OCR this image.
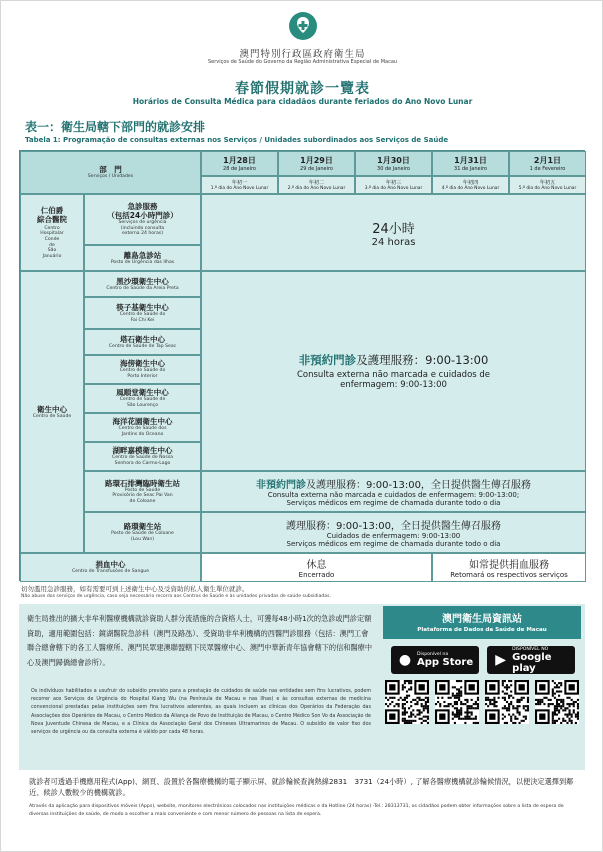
澳門特別行政區政府衛生局
Serviços de Saúde do Governo da Região Administrativa Especial de Macau
春節假期就診一覽表
Horários de Consulta Médica para cidadãos durante feriados do Ano Novo Lunar
表一：衛生局轄下部門的就診安排
Tabela 1: Programação de consultas externas nos Serviços / Unidades subordinados aos Serviços de Saúde
部　門
Serviços / Unidades
1月28日
28 de Janeiro
1月29日
29 de Janeiro
1月30日
30 de Janeiro
1月31日
31 de Janeiro
2月1日
1 de Fevereiro
年初一
1.º dia do Ano Novo Lunar
年初二
2.º dia do Ano Novo Lunar
年初三
3.º dia do Ano Novo Lunar
年初四
4.º dia do Ano Novo Lunar
年初五
5.º dia do Ano Novo Lunar
仁伯爵
綜合醫院
Centro
Hospitalar
Conde
de
São
Januário
急診服務
（包括24小時門診）
Serviços de urgência
(incluindo consulta
externa 24 horas)
離島急診站
Posto de Urgência das Ilhas
24小時
24 horas
衛生中心
Centro de Saúde
黑沙環衛生中心
Centro de Saúde da Areia Preta
筷子基衛生中心
Centro de Saúde do
Fai Chi Kei
塔石衛生中心
Centro de Saúde de Tap Seac
海傍衛生中心
Centro de Saúde do
Porto Interior
風順堂衛生中心
Centro de Saúde de
São Lourenço
海洋花園衛生中心
Centro de Saúde dos
Jardins do Oceano
湖畔嘉模衛生中心
Centro de Saúde de Nossa
Senhora do Carmo-Lago
路環石排灣臨時衛生站
Posto de Saúde
Provisório de Seac Pai Van
de Coloane
路環衛生站
Posto de Saúde de Coloane
(Lou Wan)
非預約門診及護理服務：9:00-13:00
Consulta externa não marcada e cuidados de
enfermagem: 9:00-13:00
非預約門診及護理服務：9:00-13:00，全日提供醫生傳召服務
Consulta externa não marcada e cuidados de enfermagem: 9:00-13:00;
Serviços médicos em regime de chamada durante todo o dia
護理服務：9:00-13:00，全日提供醫生傳召服務
Cuidados de enfermagem: 9:00-13:00
Serviços médicos em regime de chamada durante todo o dia
捐血中心
Centro de Transfusões de Sangue
休息
Encerrado
如常提供捐血服務
Retomará os respectivos serviços
切勿濫用急診服務，如有需要可到上述衛生中心及受資助的私人衛生單位就診。
Não abuse dos serviços de urgência, caso seja necessário recorra aos Centros de Saúde e às unidades privadas de saúde subsidiadas.
衛生局推出的擴大非牟利醫療機構就診資助人群分流措施的合資格人士，可獲每48小時1次的急診或門診定額資助，適用範圍包括：鏡湖醫院急診科（澳門及路氹）、受資助非牟利機構的西醫門診服務（包括：澳門工會聯合總會轄下的各工人醫療所、澳門民眾建澳聯盟轄下民眾醫療中心、澳門中華新青年協會轄下的信和醫療中心及澳門歸僑總會診所）。
Os indivíduos habilitados a usufruir do subsídio previsto para a prestação de cuidados de saúde nas entidades sem fins lucrativos, podem recorrer aos Serviços de Urgência do Hospital Kiang Wu (na Península de Macau e nas Ilhas) e às consultas externas de medicina convencional prestadas pelas instituições sem fins lucrativos aderentes, as quais incluem as clínicas dos Operários da Federação das Associações dos Operários de Macau, o Centro Médico da Aliança de Povo de Instituição de Macau, o Centro Médico Son Vo da Associação de Nova Juventude Chinesa de Macau, e a Clínica da Associação Geral dos Chineses Ultramarinos de Macau. O subsídio de valor fixo dos serviços de urgência ou da consulta externa é válido por cada 48 horas.
澳門衛生局資訊站
Plataforma de Dados da Saúde de Macau
●	Disponível na
App Store ▶
DISPONÍVEL NO
Google play
就診者可透過手機應用程式(App)、網頁、設置於各醫療機構的電子顯示屏、就診輪候查詢熱線2831　3731（24小時）, 了解各醫療機構就診輪候情況，以便決定選擇到鄰近、候診人數較少的機構就診。
Através da aplicação para dispositivos móveis (Apps), website, monitores electrónicos colocados nas instituições médicas e da Hotline (24 horas) -Tel.: 28313731, os cidadãos podem obter informações sobre a lista de espera de diversas instituições de saúde, de modo a escolher a mais conveniente e com menor número de pessoas na lista de espera.
